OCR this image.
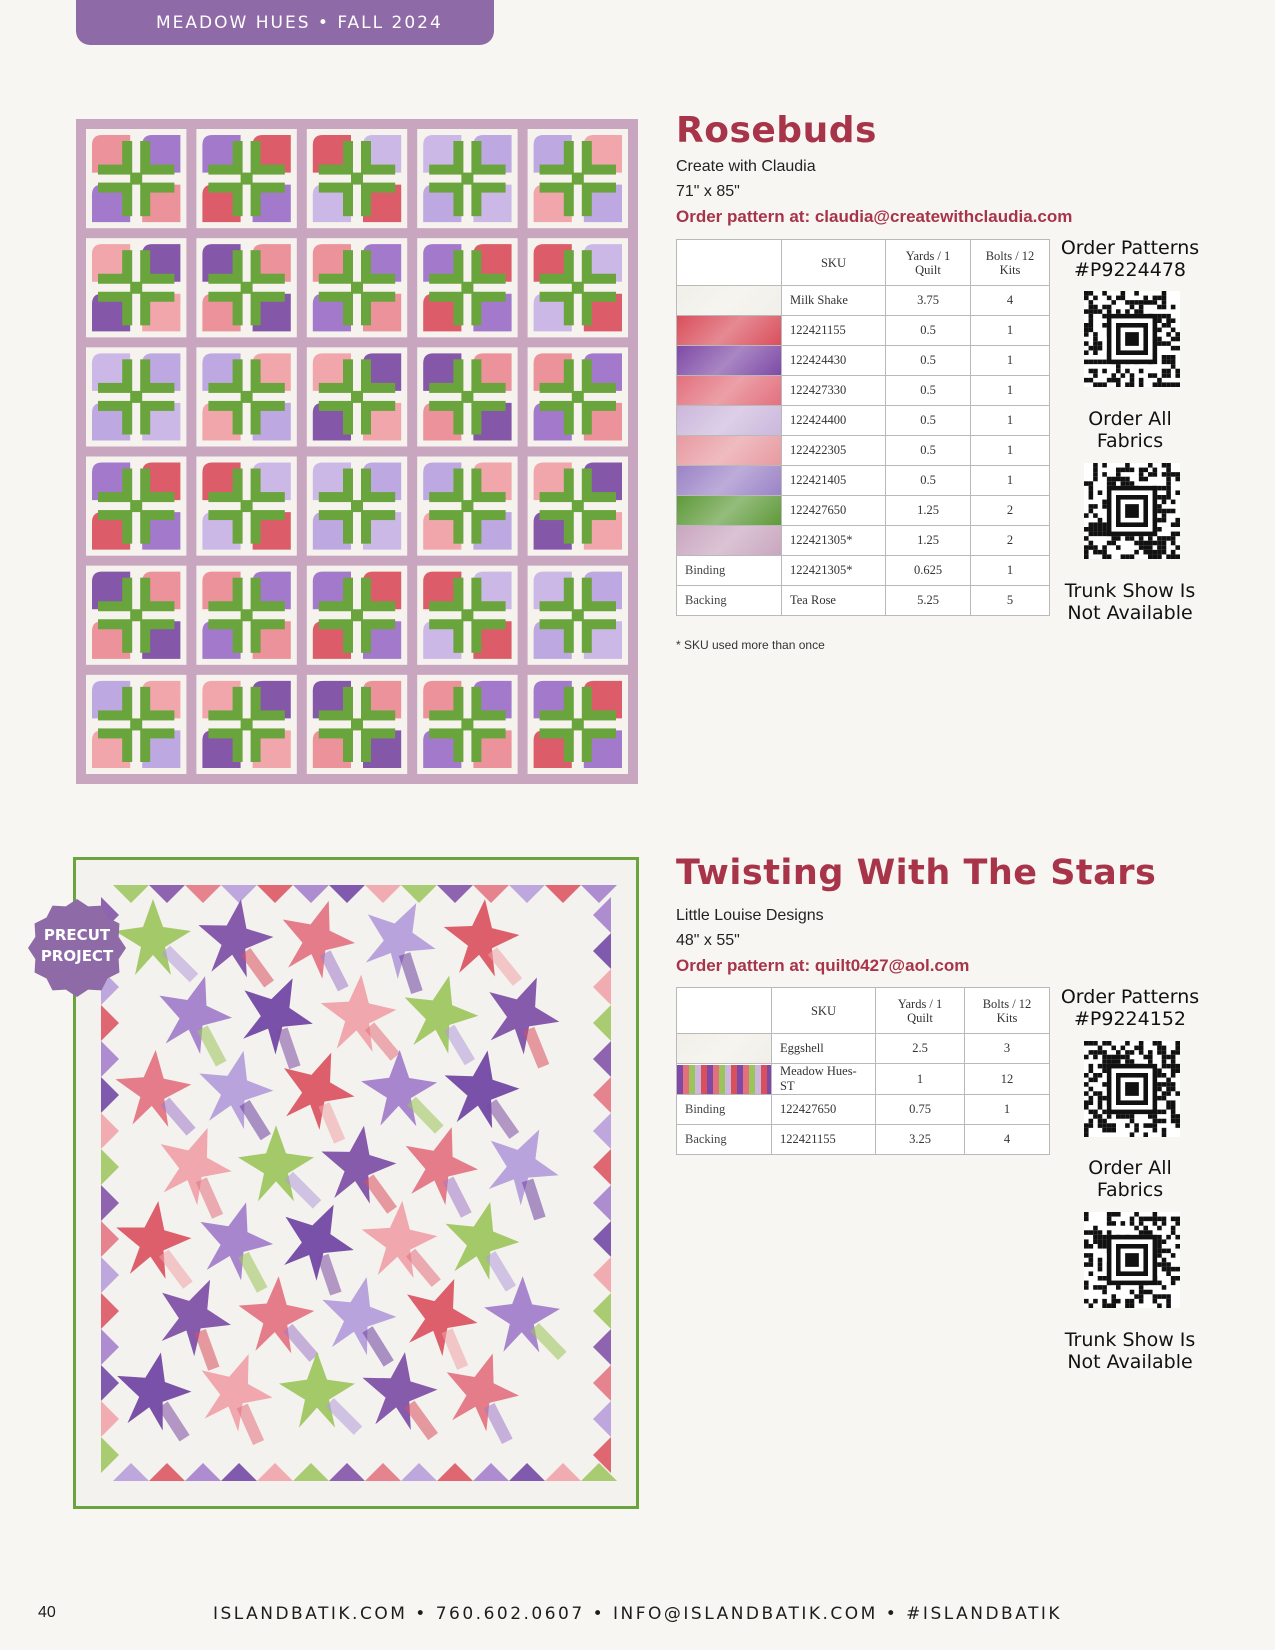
MEADOW HUES • FALL 2024
Rosebuds
Create with Claudia
71" x 85"
Order pattern at: claudia@createwithclaudia.com
	SKU	Yards / 1 Quilt	Bolts / 12 Kits

	Milk Shake	3.75	4

	122421155	0.5	1

	122424430	0.5	1

	122427330	0.5	1

	122424400	0.5	1

	122422305	0.5	1

	122421405	0.5	1

	122427650	1.25	2

	122421305*	1.25	2
Binding	122421305*	0.625	1
Backing	Tea Rose	5.25	5
* SKU used more than once
Order Patterns
#P9224478
Order All
Fabrics
Trunk Show Is
Not Available
PRECUT
PROJECT
Twisting With The Stars
Little Louise Designs
48" x 55"
Order pattern at: quilt0427@aol.com
	SKU	Yards / 1 Quilt	Bolts / 12 Kits

	Eggshell	2.5	3

	Meadow Hues-ST	1	12
Binding	122427650	0.75	1
Backing	122421155	3.25	4
Order Patterns
#P9224152
Order All
Fabrics
Trunk Show Is
Not Available
40	ISLANDBATIK.COM • 760.602.0607 • INFO@ISLANDBATIK.COM • #ISLANDBATIK
